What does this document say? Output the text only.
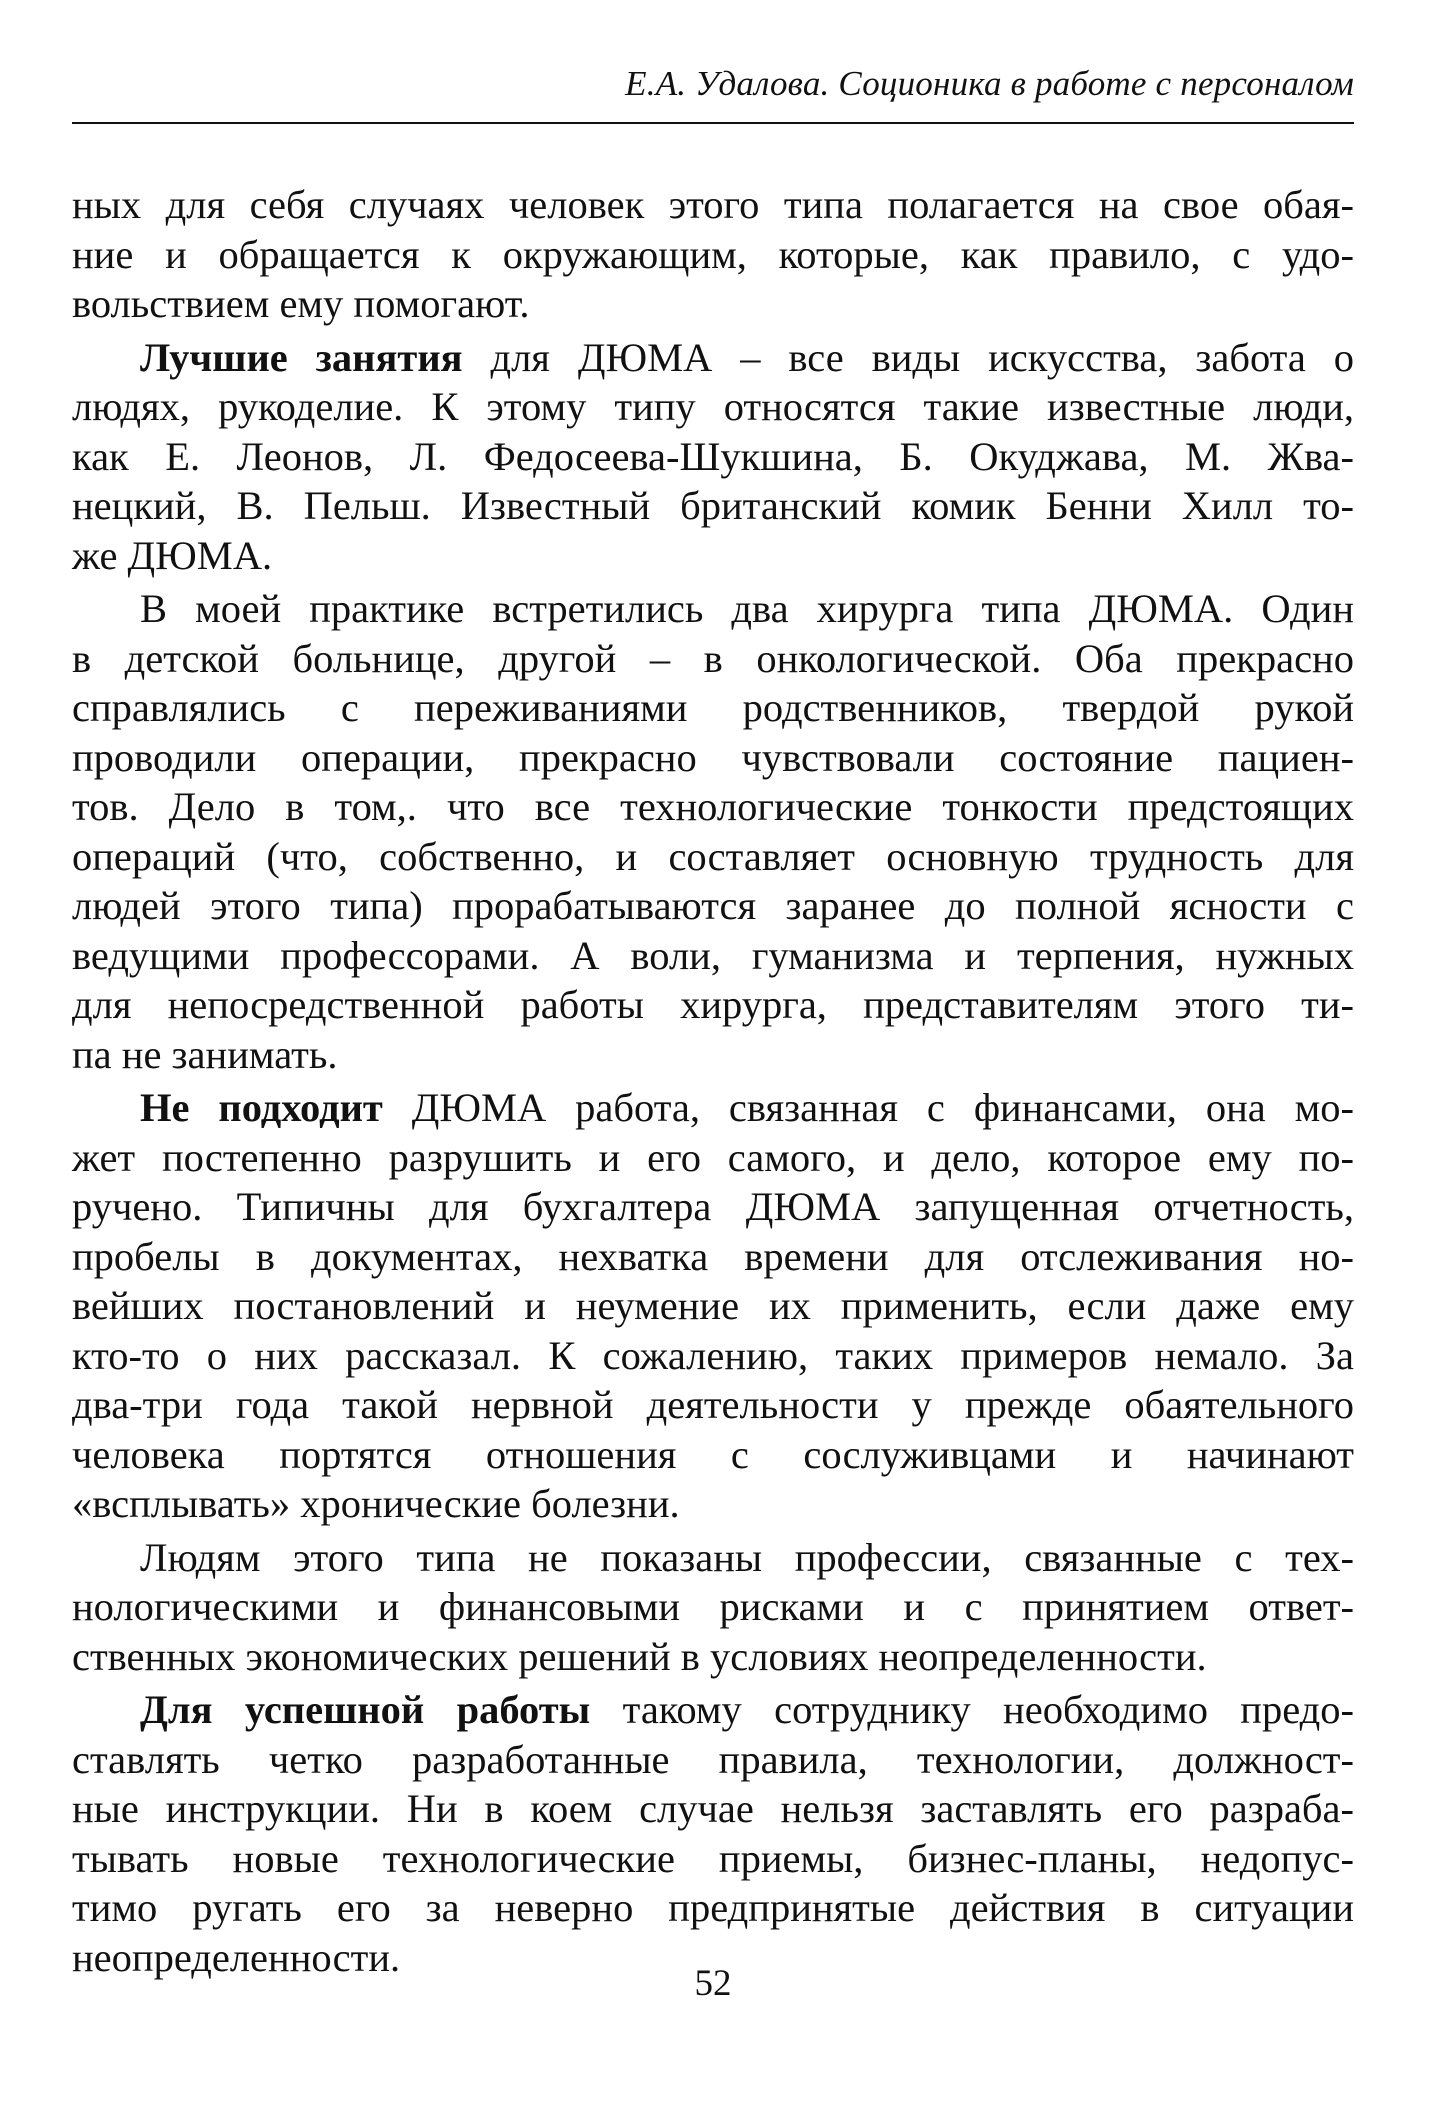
Е.А. Удалова. Соционика в работе с персоналом
ных для себя случаях человек этого типа полагается на свое обая-
ние и обращается к окружающим, которые, как правило, с удо-
вольствием ему помогают.
Лучшие занятия для ДЮМА – все виды искусства, забота о
людях, рукоделие. К этому типу относятся такие известные люди,
как Е. Леонов, Л. Федосеева-Шукшина, Б. Окуджава, М. Жва-
нецкий, В. Пельш. Известный британский комик Бенни Хилл то-
же ДЮМА.
В моей практике встретились два хирурга типа ДЮМА. Один
в детской больнице, другой – в онкологической. Оба прекрасно
справлялись с переживаниями родственников, твердой рукой
проводили операции, прекрасно чувствовали состояние пациен-
тов. Дело в том,. что все технологические тонкости предстоящих
операций (что, собственно, и составляет основную трудность для
людей этого типа) прорабатываются заранее до полной ясности с
ведущими профессорами. А воли, гуманизма и терпения, нужных
для непосредственной работы хирурга, представителям этого ти-
па не занимать.
Не подходит ДЮМА работа, связанная с финансами, она мо-
жет постепенно разрушить и его самого, и дело, которое ему по-
ручено. Типичны для бухгалтера ДЮМА запущенная отчетность,
пробелы в документах, нехватка времени для отслеживания но-
вейших постановлений и неумение их применить, если даже ему
кто-то о них рассказал. К сожалению, таких примеров немало. За
два-три года такой нервной деятельности у прежде обаятельного
человека портятся отношения с сослуживцами и начинают
«всплывать» хронические болезни.
Людям этого типа не показаны профессии, связанные с тех-
нологическими и финансовыми рисками и с принятием ответ-
ственных экономических решений в условиях неопределенности.
Для успешной работы такому сотруднику необходимо предо-
ставлять четко разработанные правила, технологии, должност-
ные инструкции. Ни в коем случае нельзя заставлять его разраба-
тывать новые технологические приемы, бизнес-планы, недопус-
тимо ругать его за неверно предпринятые действия в ситуации
неопределенности.
52
